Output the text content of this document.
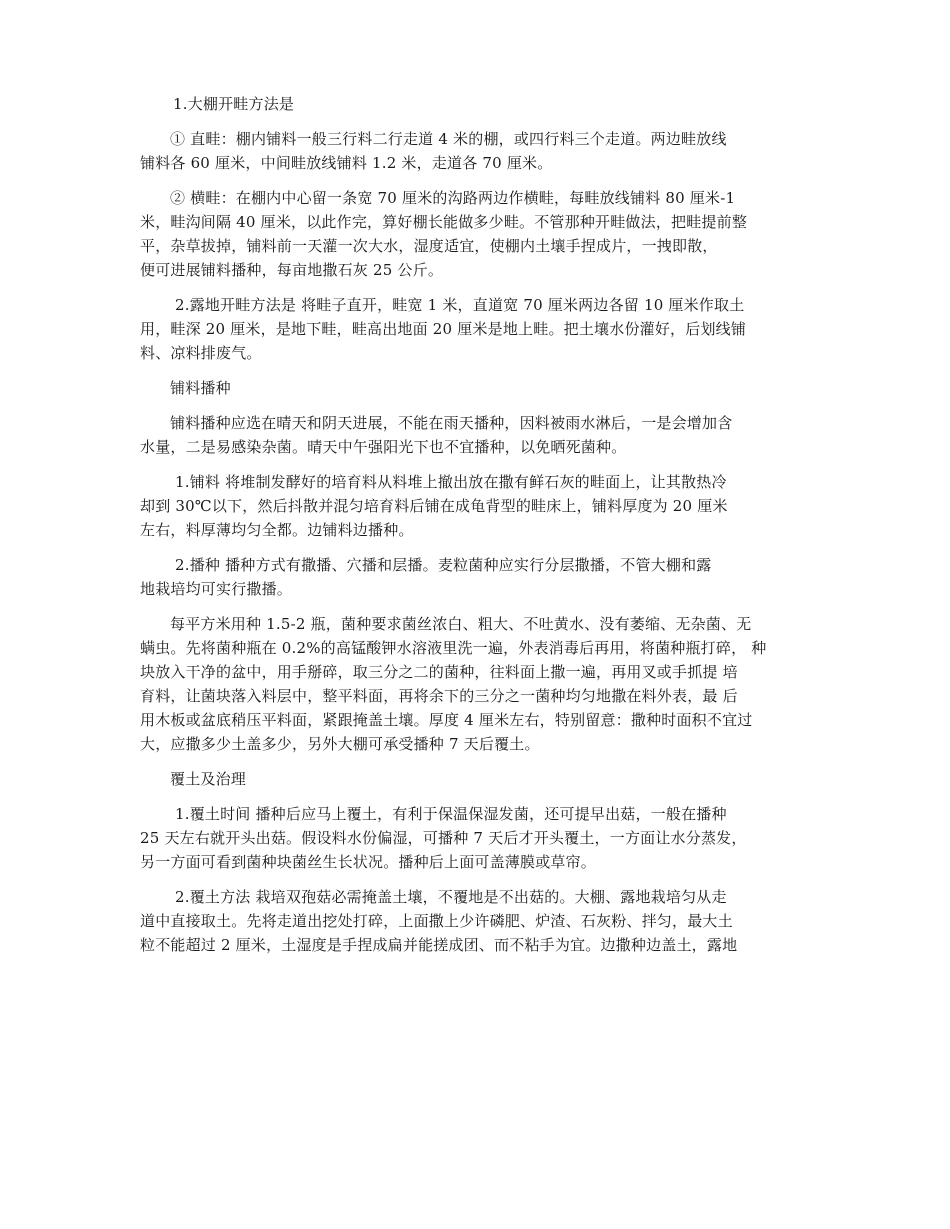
1.大棚开畦方法是
① 直畦：棚内铺料一般三行料二行走道 4 米的棚，或四行料三个走道。两边畦放线
铺料各 60 厘米，中间畦放线铺料 1.2 米，走道各 70 厘米。
② 横畦：在棚内中心留一条宽 70 厘米的沟路两边作横畦，每畦放线铺料 80 厘米-1
米，畦沟间隔 40 厘米，以此作完，算好棚长能做多少畦。不管那种开畦做法，把畦提前整
平，杂草拔掉，铺料前一天灌一次大水，湿度适宜，使棚内土壤手捏成片，一拽即散，
便可进展铺料播种，每亩地撒石灰 25 公斤。
2.露地开畦方法是 将畦子直开，畦宽 1 米，直道宽 70 厘米两边各留 10 厘米作取土
用，畦深 20 厘米，是地下畦，畦高出地面 20 厘米是地上畦。把土壤水份灌好，后划线铺
料、凉料排废气。
铺料播种
铺料播种应选在晴天和阴天进展，不能在雨天播种，因料被雨水淋后，一是会增加含
水量，二是易感染杂菌。晴天中午强阳光下也不宜播种，以免晒死菌种。
1.铺料 将堆制发酵好的培育料从料堆上撤出放在撒有鲜石灰的畦面上，让其散热冷
却到 30℃以下，然后抖散并混匀培育料后铺在成龟背型的畦床上，铺料厚度为 20 厘米
左右，料厚薄均匀全都。边铺料边播种。
2.播种 播种方式有撒播、穴播和层播。麦粒菌种应实行分层撒播，不管大棚和露
地栽培均可实行撒播。
每平方米用种 1.5-2 瓶，菌种要求菌丝浓白、粗大、不吐黄水、没有萎缩、无杂菌、无
螨虫。先将菌种瓶在 0.2%的高锰酸钾水溶液里洗一遍，外表消毒后再用，将菌种瓶打碎， 种
块放入干净的盆中，用手掰碎，取三分之二的菌种，往料面上撒一遍，再用叉或手抓提 培
育料，让菌块落入料层中，整平料面，再将余下的三分之一菌种均匀地撒在料外表，最 后
用木板或盆底稍压平料面，紧跟掩盖土壤。厚度 4 厘米左右，特别留意：撒种时面积不宜过
大，应撒多少土盖多少，另外大棚可承受播种 7 天后覆土。
覆土及治理
1.覆土时间 播种后应马上覆土，有利于保温保湿发菌，还可提早出菇，一般在播种
25 天左右就开头出菇。假设料水份偏湿，可播种 7 天后才开头覆土，一方面让水分蒸发，
另一方面可看到菌种块菌丝生长状况。播种后上面可盖薄膜或草帘。
2.覆土方法 栽培双孢菇必需掩盖土壤，不覆地是不出菇的。大棚、露地栽培匀从走
道中直接取土。先将走道出挖处打碎，上面撒上少许磷肥、炉渣、石灰粉、拌匀，最大土
粒不能超过 2 厘米，土湿度是手捏成扁并能搓成团、而不粘手为宜。边撒种边盖土，露地
